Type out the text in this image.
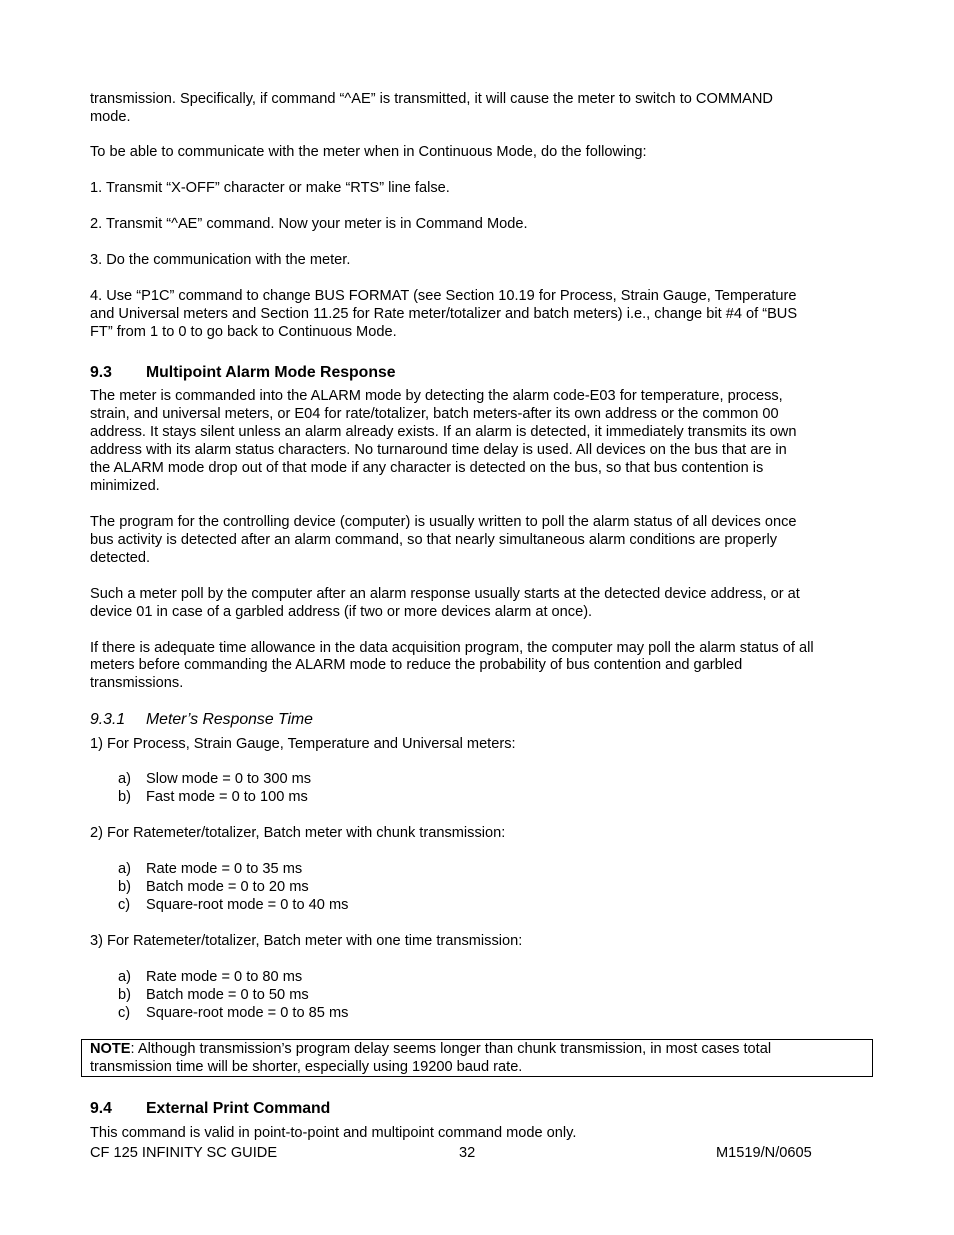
transmission. Specifically, if command “^AE” is transmitted, it will cause the meter to switch to COMMAND
mode.
To be able to communicate with the meter when in Continuous Mode, do the following:
1. Transmit “X-OFF” character or make “RTS” line false.
2. Transmit “^AE” command. Now your meter is in Command Mode.
3. Do the communication with the meter.
4. Use “P1C” command to change BUS FORMAT (see Section 10.19 for Process, Strain Gauge, Temperature
and Universal meters and Section 11.25 for Rate meter/totalizer and batch meters) i.e., change bit #4 of “BUS
FT” from 1 to 0 to go back to Continuous Mode.
9.3 Multipoint Alarm Mode Response
The meter is commanded into the ALARM mode by detecting the alarm code-E03 for temperature, process,
strain, and universal meters, or E04 for rate/totalizer, batch meters-after its own address or the common 00
address. It stays silent unless an alarm already exists. If an alarm is detected, it immediately transmits its own
address with its alarm status characters. No turnaround time delay is used. All devices on the bus that are in
the ALARM mode drop out of that mode if any character is detected on the bus, so that bus contention is
minimized.
The program for the controlling device (computer) is usually written to poll the alarm status of all devices once
bus activity is detected after an alarm command, so that nearly simultaneous alarm conditions are properly
detected.
Such a meter poll by the computer after an alarm response usually starts at the detected device address, or at
device 01 in case of a garbled address (if two or more devices alarm at once).
If there is adequate time allowance in the data acquisition program, the computer may poll the alarm status of all
meters before commanding the ALARM mode to reduce the probability of bus contention and garbled
transmissions.
9.3.1 Meter’s Response Time
1) For Process, Strain Gauge, Temperature and Universal meters:
a) Slow mode = 0 to 300 ms
b) Fast mode = 0 to 100 ms
2) For Ratemeter/totalizer, Batch meter with chunk transmission:
a) Rate mode = 0 to 35 ms
b) Batch mode = 0 to 20 ms
c) Square-root mode = 0 to 40 ms
3) For Ratemeter/totalizer, Batch meter with one time transmission:
a) Rate mode = 0 to 80 ms
b) Batch mode = 0 to 50 ms
c) Square-root mode = 0 to 85 ms
NOTE: Although transmission’s program delay seems longer than chunk transmission, in most cases total
transmission time will be shorter, especially using 19200 baud rate.
9.4 External Print Command
This command is valid in point-to-point and multipoint command mode only.
CF 125 INFINITY SC GUIDE	32	M1519/N/0605
